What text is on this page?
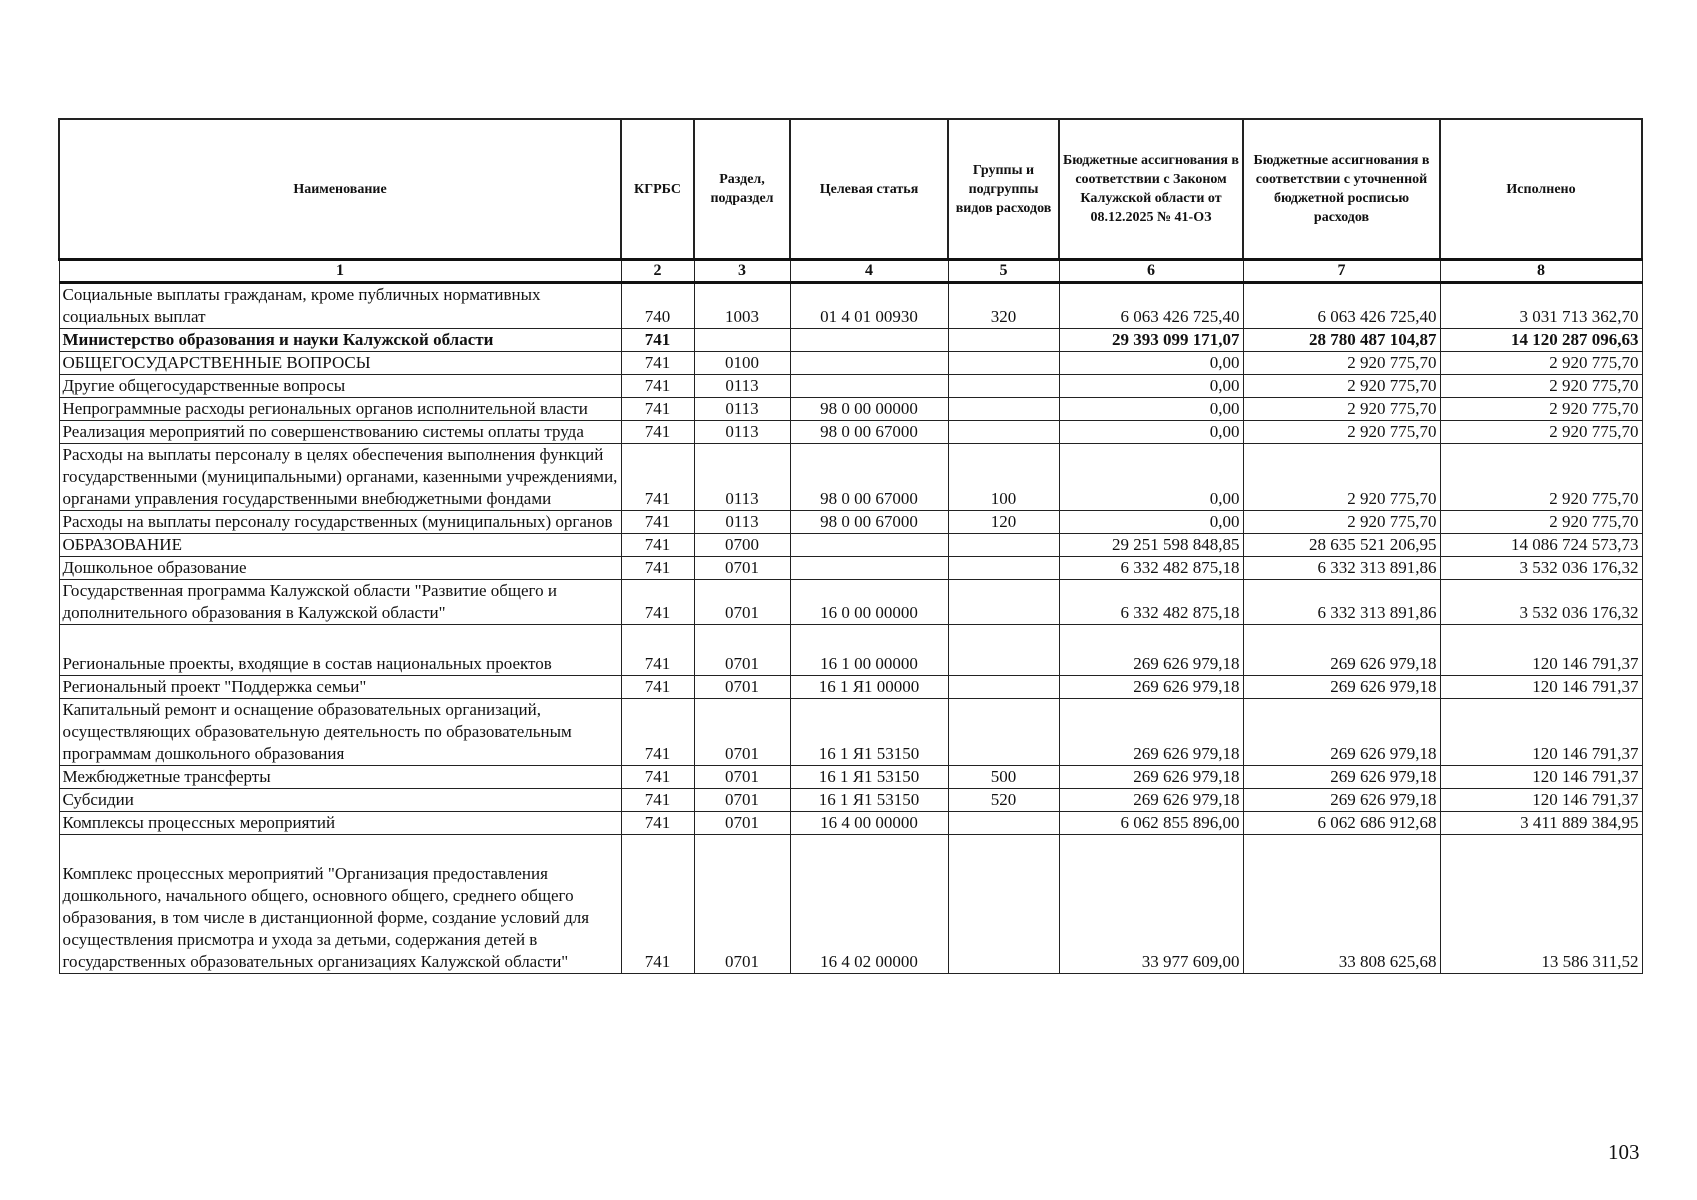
Наименование	КГРБС	Раздел, подраздел	Целевая статья	Группы и подгруппы видов расходов	Бюджетные ассигнования в соответствии с Законом Калужской области от 08.12.2025 № 41-ОЗ	Бюджетные ассигнования в соответствии с уточненной бюджетной росписью расходов	Исполнено
1	2	3	4	5	6	7	8
Социальные выплаты гражданам, кроме публичных нормативных социальных выплат	740	1003	01 4 01 00930	320	6 063 426 725,40	6 063 426 725,40	3 031 713 362,70
Министерство образования и науки Калужской области	741				29 393 099 171,07	28 780 487 104,87	14 120 287 096,63
ОБЩЕГОСУДАРСТВЕННЫЕ ВОПРОСЫ	741	0100			0,00	2 920 775,70	2 920 775,70
Другие общегосударственные вопросы	741	0113			0,00	2 920 775,70	2 920 775,70
Непрограммные расходы региональных органов исполнительной власти	741	0113	98 0 00 00000		0,00	2 920 775,70	2 920 775,70
Реализация мероприятий по совершенствованию системы оплаты труда	741	0113	98 0 00 67000		0,00	2 920 775,70	2 920 775,70
Расходы на выплаты персоналу в целях обеспечения выполнения функций государственными (муниципальными) органами, казенными учреждениями, органами управления государственными внебюджетными фондами	741	0113	98 0 00 67000	100	0,00	2 920 775,70	2 920 775,70
Расходы на выплаты персоналу государственных (муниципальных) органов	741	0113	98 0 00 67000	120	0,00	2 920 775,70	2 920 775,70
ОБРАЗОВАНИЕ	741	0700			29 251 598 848,85	28 635 521 206,95	14 086 724 573,73
Дошкольное образование	741	0701			6 332 482 875,18	6 332 313 891,86	3 532 036 176,32
Государственная программа Калужской области "Развитие общего и дополнительного образования в Калужской области"	741	0701	16 0 00 00000		6 332 482 875,18	6 332 313 891,86	3 532 036 176,32
Региональные проекты, входящие в состав национальных проектов	741	0701	16 1 00 00000		269 626 979,18	269 626 979,18	120 146 791,37
Региональный проект "Поддержка семьи"	741	0701	16 1 Я1 00000		269 626 979,18	269 626 979,18	120 146 791,37
Капитальный ремонт и оснащение образовательных организаций, осуществляющих образовательную деятельность по образовательным программам дошкольного образования	741	0701	16 1 Я1 53150		269 626 979,18	269 626 979,18	120 146 791,37
Межбюджетные трансферты	741	0701	16 1 Я1 53150	500	269 626 979,18	269 626 979,18	120 146 791,37
Субсидии	741	0701	16 1 Я1 53150	520	269 626 979,18	269 626 979,18	120 146 791,37
Комплексы процессных мероприятий	741	0701	16 4 00 00000		6 062 855 896,00	6 062 686 912,68	3 411 889 384,95
Комплекс процессных мероприятий "Организация предоставления дошкольного, начального общего, основного общего, среднего общего образования, в том числе в дистанционной форме, создание условий для осуществления присмотра и ухода за детьми, содержания детей в государственных образовательных организациях Калужской области"	741	0701	16 4 02 00000		33 977 609,00	33 808 625,68	13 586 311,52
103
